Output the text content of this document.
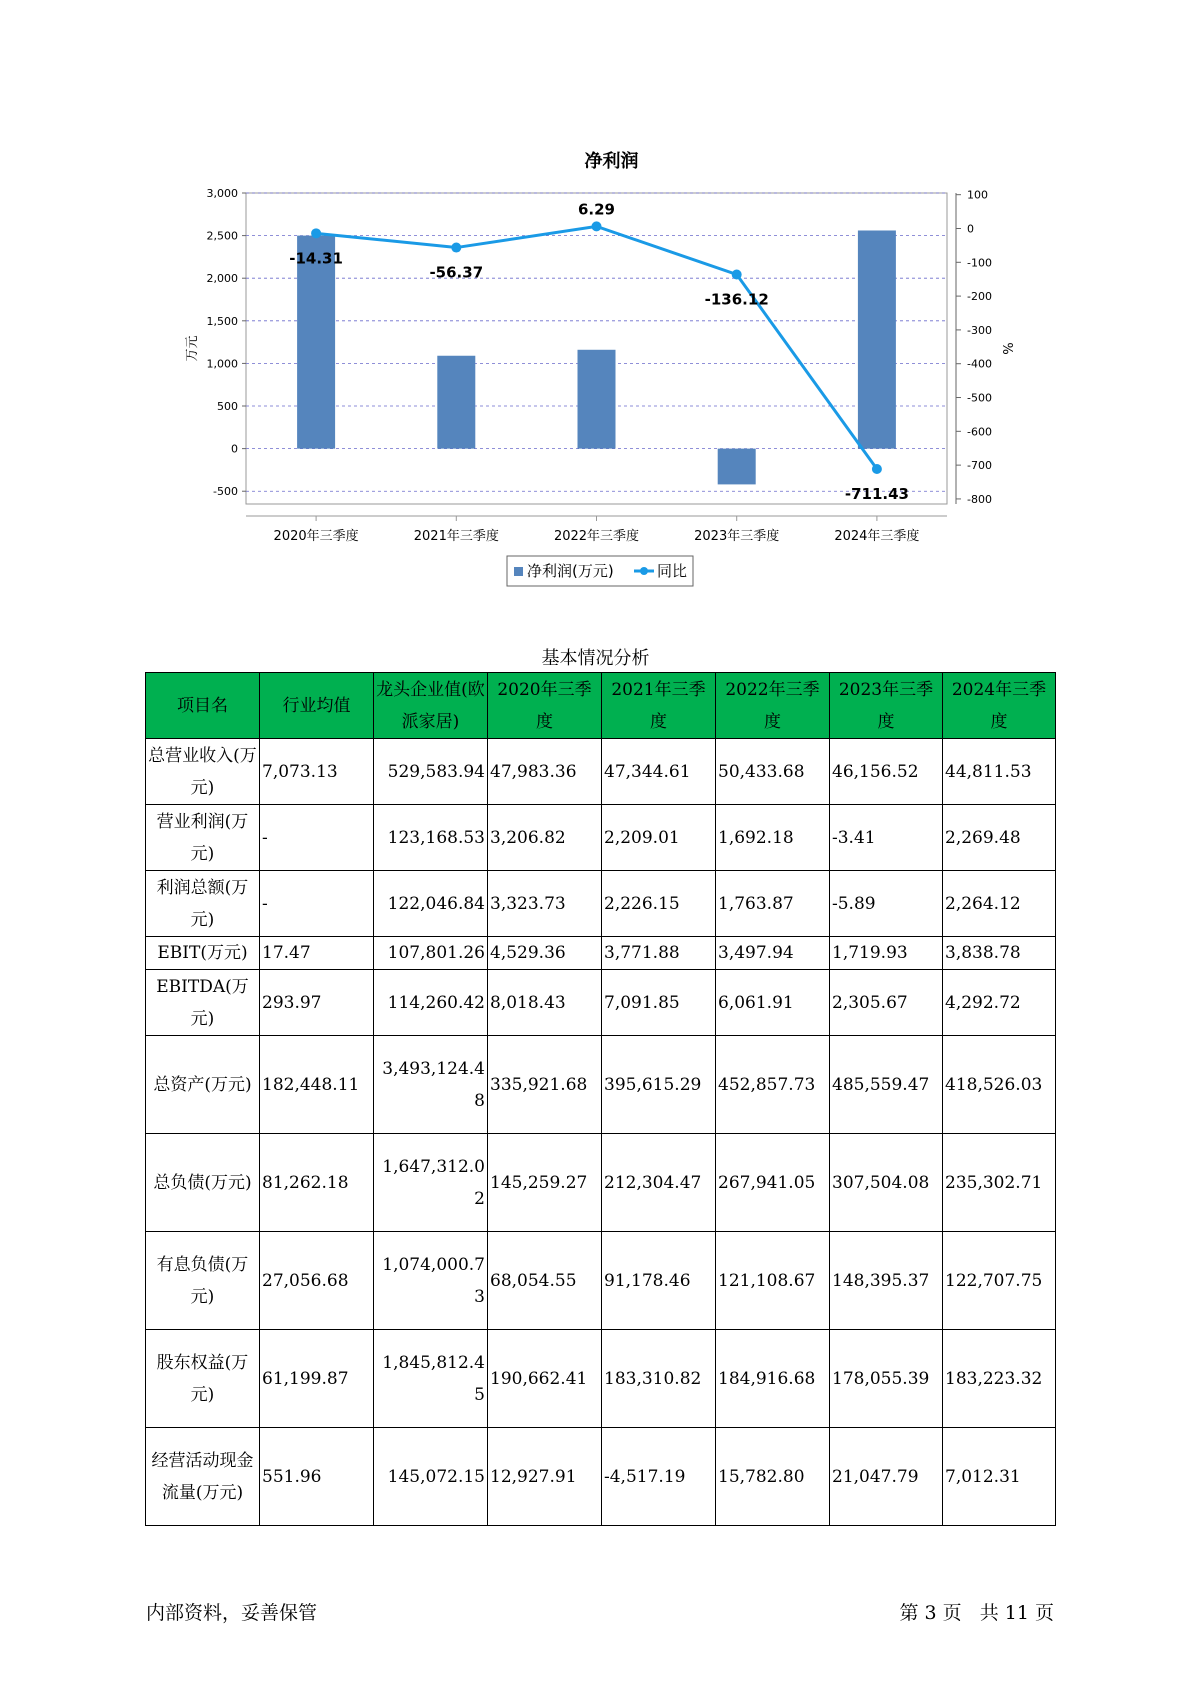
净利润
3,000
2,500
2,000
1,500
1,000
500
0
-500
100
0
-100
-200
-300
-400
-500
-600
-700
-800
万元	%
2020年三季度	2021年三季度	2022年三季度	2023年三季度	2024年三季度
-14.31
-56.37
6.29
-136.12
-711.43
净利润(万元)	同比
基本情况分析
项目名	行业均值	龙头企业值(欧派家居)	2020年三季度	2021年三季度	2022年三季度	2023年三季度	2024年三季度
总营业收入(万元)	7,073.13	529,583.94	47,983.36	47,344.61	50,433.68	46,156.52	44,811.53
营业利润(万元)	-	123,168.53	3,206.82	2,209.01	1,692.18	-3.41	2,269.48
利润总额(万元)	-	122,046.84	3,323.73	2,226.15	1,763.87	-5.89	2,264.12
EBIT(万元)	17.47	107,801.26	4,529.36	3,771.88	3,497.94	1,719.93	3,838.78
EBITDA(万元)	293.97	114,260.42	8,018.43	7,091.85	6,061.91	2,305.67	4,292.72
总资产(万元)	182,448.11	3,493,124.48	335,921.68	395,615.29	452,857.73	485,559.47	418,526.03
总负债(万元)	81,262.18	1,647,312.02	145,259.27	212,304.47	267,941.05	307,504.08	235,302.71
有息负债(万元)	27,056.68	1,074,000.73	68,054.55	91,178.46	121,108.67	148,395.37	122,707.75
股东权益(万元)	61,199.87	1,845,812.45	190,662.41	183,310.82	184,916.68	178,055.39	183,223.32
经营活动现金流量(万元)	551.96	145,072.15	12,927.91	-4,517.19	15,782.80	21,047.79	7,012.31
内部资料，妥善保管	第 3 页   共 11 页
